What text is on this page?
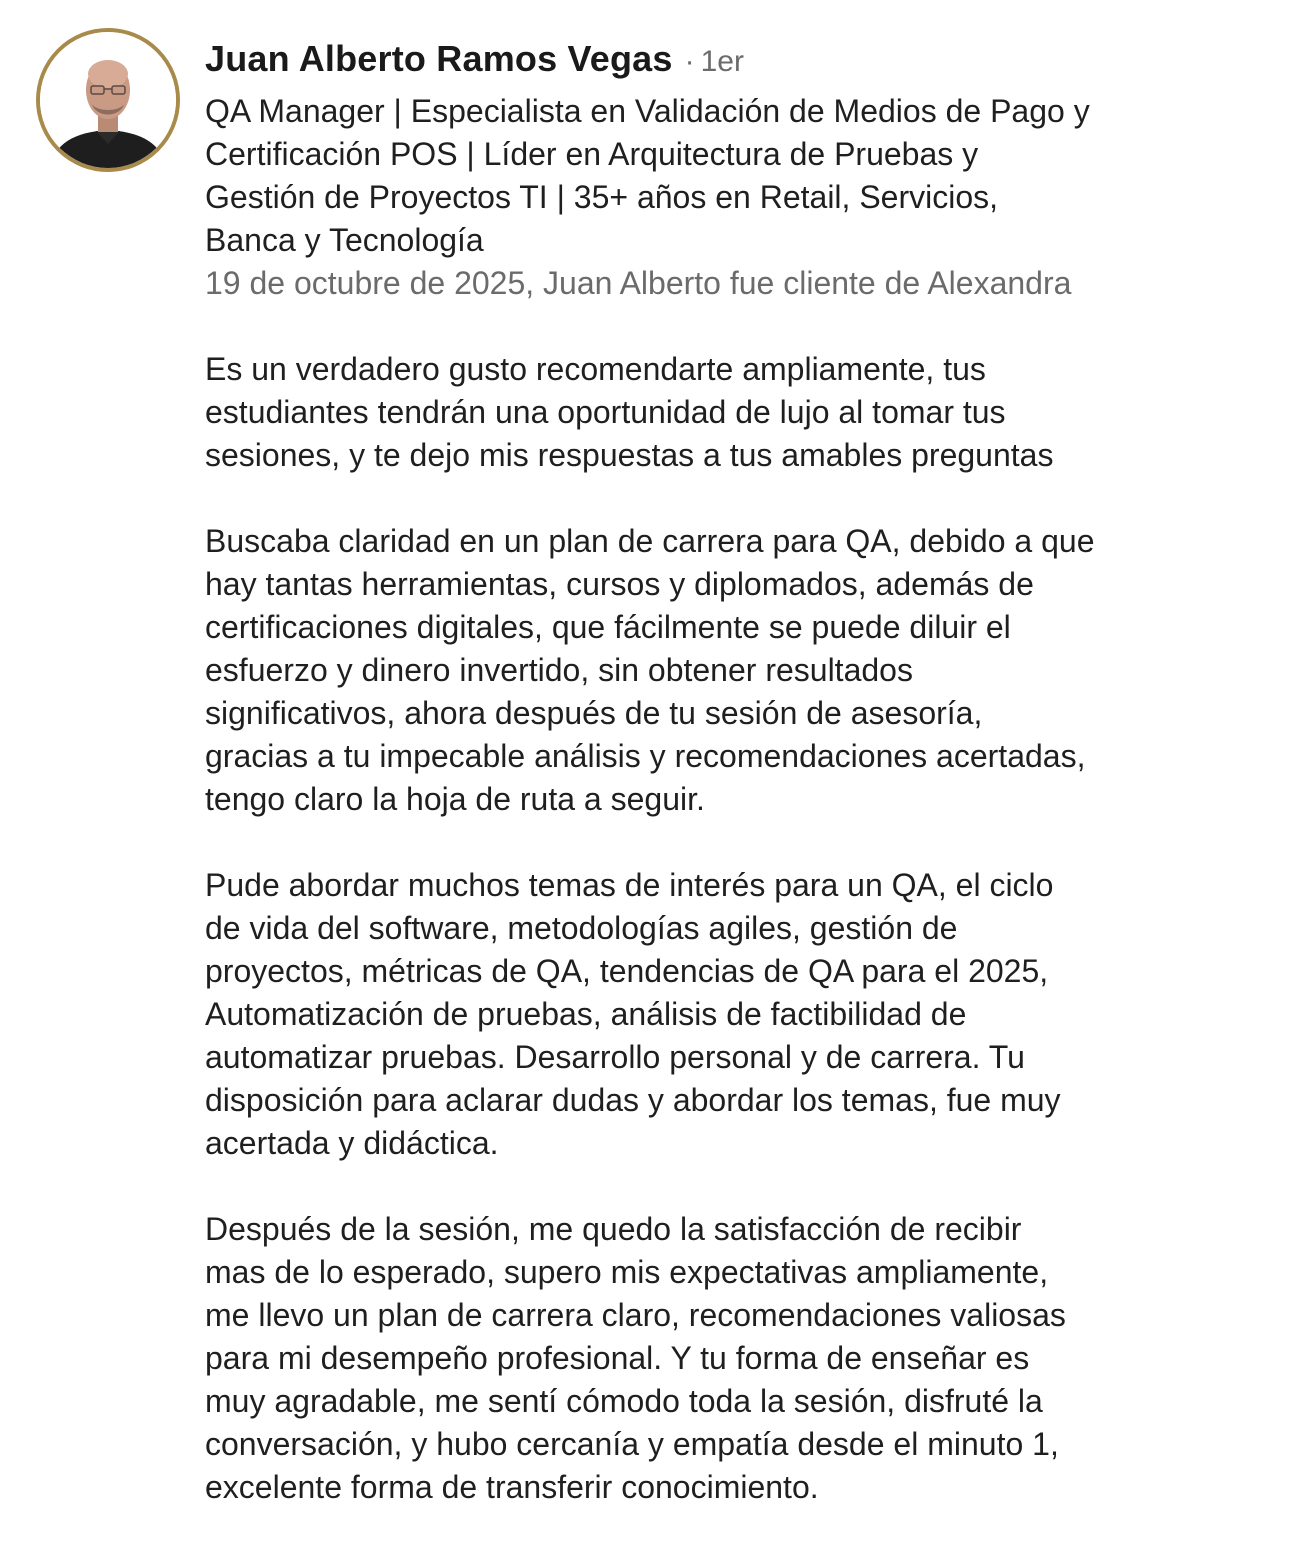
Juan Alberto Ramos Vegas · 1er

QA Manager | Especialista en Validación de Medios de Pago y
Certificación POS | Líder en Arquitectura de Pruebas y
Gestión de Proyectos TI | 35+ años en Retail, Servicios,
Banca y Tecnología

19 de octubre de 2025, Juan Alberto fue cliente de Alexandra

Es un verdadero gusto recomendarte ampliamente, tus
estudiantes tendrán una oportunidad de lujo al tomar tus
sesiones, y te dejo mis respuestas a tus amables preguntas

Buscaba claridad en un plan de carrera para QA, debido a que
hay tantas herramientas, cursos y diplomados, además de
certificaciones digitales, que fácilmente se puede diluir el
esfuerzo y dinero invertido, sin obtener resultados
significativos, ahora después de tu sesión de asesoría,
gracias a tu impecable análisis y recomendaciones acertadas,
tengo claro la hoja de ruta a seguir.

Pude abordar muchos temas de interés para un QA, el ciclo
de vida del software, metodologías agiles, gestión de
proyectos, métricas de QA, tendencias de QA para el 2025,
Automatización de pruebas, análisis de factibilidad de
automatizar pruebas. Desarrollo personal y de carrera. Tu
disposición para aclarar dudas y abordar los temas, fue muy
acertada y didáctica.

Después de la sesión, me quedo la satisfacción de recibir
mas de lo esperado, supero mis expectativas ampliamente,
me llevo un plan de carrera claro, recomendaciones valiosas
para mi desempeño profesional. Y tu forma de enseñar es
muy agradable, me sentí cómodo toda la sesión, disfruté la
conversación, y hubo cercanía y empatía desde el minuto 1,
excelente forma de transferir conocimiento.
